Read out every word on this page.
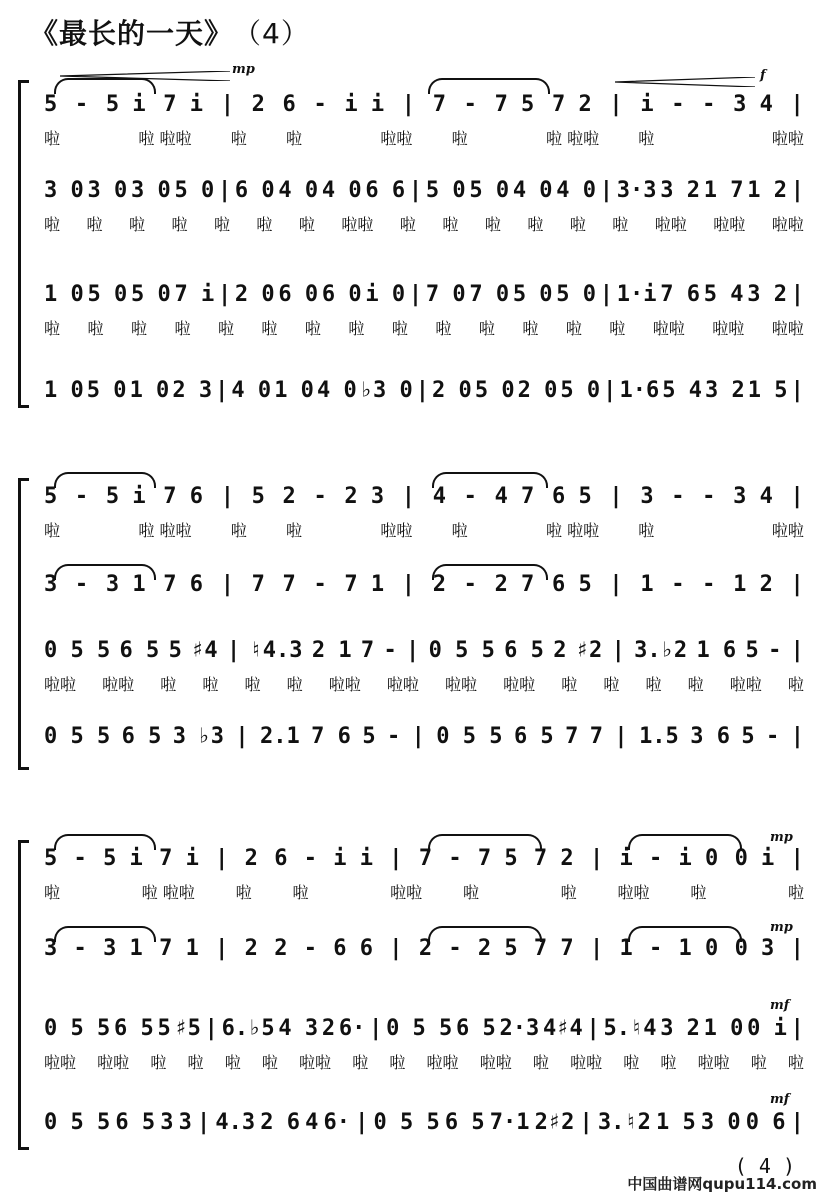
《最长的一天》 （4）
mp	f
5 - 5 i 7 i | 2 6 - i i | 7 - 7 5 7 2 | i - - 3 4 |
啦	啦 啦啦 啦 啦	啦啦 啦	啦 啦啦 啦	啦啦
3 0 3 0 3 0 5 0 | 6 0 4 0 4 0 6 6 | 5 0 5 0 4 0 4 0 | 3·3 3 2 1 7 1 2 |
啦 啦 啦 啦 啦 啦 啦 啦啦 啦 啦 啦 啦 啦 啦 啦啦 啦啦 啦啦
1 0 5 0 5 0 7 i | 2 0 6 0 6 0 i 0 | 7 0 7 0 5 0 5 0 | 1·i 7 6 5 4 3 2 |
啦 啦 啦 啦 啦 啦 啦 啦 啦 啦 啦 啦 啦 啦 啦啦 啦啦 啦啦
1 0 5 0 1 0 2 3 | 4 0 1 0 4 0 ♭3 0 | 2 0 5 0 2 0 5 0 | 1·6 5 4 3 2 1 5 |
5 - 5 i 7 6 | 5 2 - 2 3 | 4 - 4 7 6 5 | 3 - - 3 4 |
啦	啦 啦啦 啦 啦	啦啦 啦	啦 啦啦 啦	啦啦
3 - 3 1 7 6 | 7 7 - 7 1 | 2 - 2 7 6 5 | 1 - - 1 2 |
0 5 5 6 5 5 ♯4 | ♮4.3 2 1 7 - | 0 5 5 6 5 2 ♯2 | 3.♭2 1 6 5 - |
啦啦 啦啦 啦 啦 啦 啦 啦啦 啦啦 啦啦 啦啦 啦 啦 啦 啦 啦啦 啦
0 5 5 6 5 3 ♭3 | 2.1 7 6 5 - | 0 5 5 6 5 7 7 | 1.5 3 6 5 - |
mp
mp
mf
mf
5 - 5 i 7 i | 2 6 - i i | 7 - 7 5 7 2 | i - i 0 0 i |
啦	啦 啦啦	啦	啦	啦啦	啦	啦	啦啦	啦	啦
3 - 3 1 7 1 | 2 2 - 6 6 | 2 - 2 5 7 7 | 1 - 1 0 0 3 |
0 5 5 6 5 5 ♯5 | 6.♭5 4 3 2 6· | 0 5 5 6 5 2·3 4♯4 | 5.♮4 3 2 1 0 0 i |
啦啦 啦啦 啦 啦 啦 啦 啦啦 啦 啦 啦啦 啦啦 啦 啦啦 啦 啦 啦啦 啦 啦
0 5 5 6 5 3 3 | 4.3 2 6 4 6· | 0 5 5 6 5 7·1 2♯2 | 3.♮2 1 5 3 0 0 6 |
( 4 )
中国曲谱网qupu114.com
